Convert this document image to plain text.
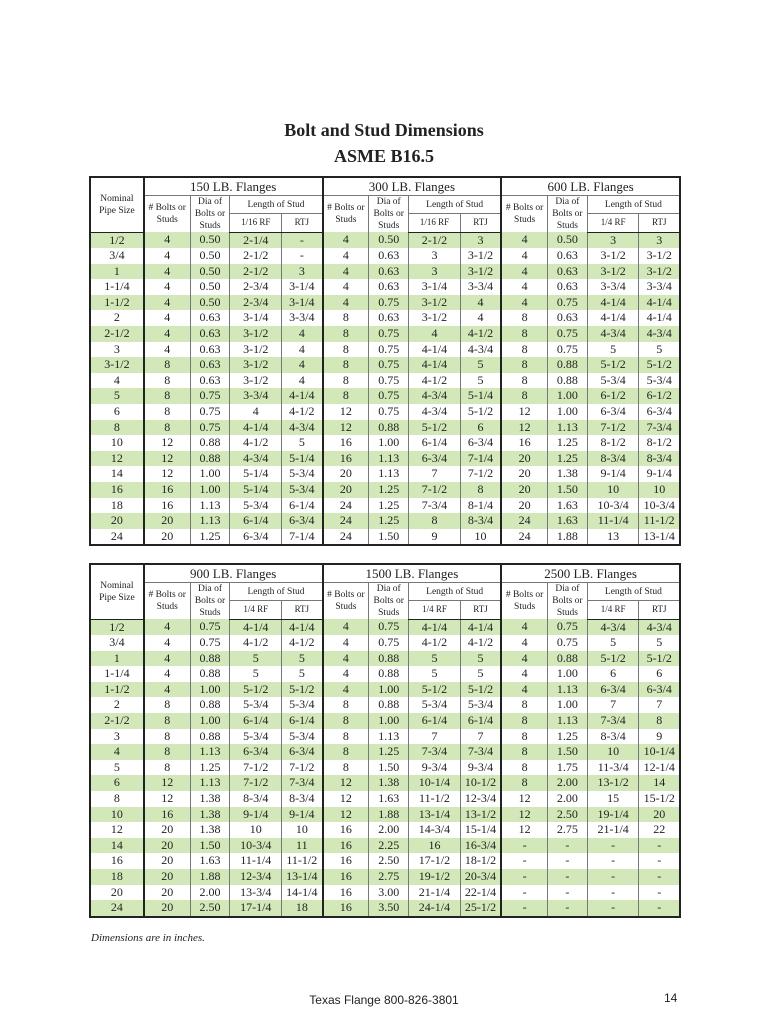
Bolt and Stud Dimensions
ASME B16.5
Nominal Pipe Size	150 LB. Flanges				300 LB. Flanges				600 LB. Flanges			
	# Bolts or Studs	Dia of Bolts or Studs	Length of Stud		# Bolts or Studs	Dia of Bolts or Studs	Length of Stud		# Bolts or Studs	Dia of Bolts or Studs	Length of Stud	
			1/16 RF	RTJ			1/16 RF	RTJ			1/4 RF	RTJ
1/2	4	0.50	2-1/4	-	4	0.50	2-1/2	3	4	0.50	3	3
3/4	4	0.50	2-1/2	-	4	0.63	3	3-1/2	4	0.63	3-1/2	3-1/2
1	4	0.50	2-1/2	3	4	0.63	3	3-1/2	4	0.63	3-1/2	3-1/2
1-1/4	4	0.50	2-3/4	3-1/4	4	0.63	3-1/4	3-3/4	4	0.63	3-3/4	3-3/4
1-1/2	4	0.50	2-3/4	3-1/4	4	0.75	3-1/2	4	4	0.75	4-1/4	4-1/4
2	4	0.63	3-1/4	3-3/4	8	0.63	3-1/2	4	8	0.63	4-1/4	4-1/4
2-1/2	4	0.63	3-1/2	4	8	0.75	4	4-1/2	8	0.75	4-3/4	4-3/4
3	4	0.63	3-1/2	4	8	0.75	4-1/4	4-3/4	8	0.75	5	5
3-1/2	8	0.63	3-1/2	4	8	0.75	4-1/4	5	8	0.88	5-1/2	5-1/2
4	8	0.63	3-1/2	4	8	0.75	4-1/2	5	8	0.88	5-3/4	5-3/4
5	8	0.75	3-3/4	4-1/4	8	0.75	4-3/4	5-1/4	8	1.00	6-1/2	6-1/2
6	8	0.75	4	4-1/2	12	0.75	4-3/4	5-1/2	12	1.00	6-3/4	6-3/4
8	8	0.75	4-1/4	4-3/4	12	0.88	5-1/2	6	12	1.13	7-1/2	7-3/4
10	12	0.88	4-1/2	5	16	1.00	6-1/4	6-3/4	16	1.25	8-1/2	8-1/2
12	12	0.88	4-3/4	5-1/4	16	1.13	6-3/4	7-1/4	20	1.25	8-3/4	8-3/4
14	12	1.00	5-1/4	5-3/4	20	1.13	7	7-1/2	20	1.38	9-1/4	9-1/4
16	16	1.00	5-1/4	5-3/4	20	1.25	7-1/2	8	20	1.50	10	10
18	16	1.13	5-3/4	6-1/4	24	1.25	7-3/4	8-1/4	20	1.63	10-3/4	10-3/4
20	20	1.13	6-1/4	6-3/4	24	1.25	8	8-3/4	24	1.63	11-1/4	11-1/2
24	20	1.25	6-3/4	7-1/4	24	1.50	9	10	24	1.88	13	13-1/4
Nominal Pipe Size	900 LB. Flanges				1500 LB. Flanges				2500 LB. Flanges			
	# Bolts or Studs	Dia of Bolts or Studs	Length of Stud		# Bolts or Studs	Dia of Bolts or Studs	Length of Stud		# Bolts or Studs	Dia of Bolts or Studs	Length of Stud	
			1/4 RF	RTJ			1/4 RF	RTJ			1/4 RF	RTJ
1/2	4	0.75	4-1/4	4-1/4	4	0.75	4-1/4	4-1/4	4	0.75	4-3/4	4-3/4
3/4	4	0.75	4-1/2	4-1/2	4	0.75	4-1/2	4-1/2	4	0.75	5	5
1	4	0.88	5	5	4	0.88	5	5	4	0.88	5-1/2	5-1/2
1-1/4	4	0.88	5	5	4	0.88	5	5	4	1.00	6	6
1-1/2	4	1.00	5-1/2	5-1/2	4	1.00	5-1/2	5-1/2	4	1.13	6-3/4	6-3/4
2	8	0.88	5-3/4	5-3/4	8	0.88	5-3/4	5-3/4	8	1.00	7	7
2-1/2	8	1.00	6-1/4	6-1/4	8	1.00	6-1/4	6-1/4	8	1.13	7-3/4	8
3	8	0.88	5-3/4	5-3/4	8	1.13	7	7	8	1.25	8-3/4	9
4	8	1.13	6-3/4	6-3/4	8	1.25	7-3/4	7-3/4	8	1.50	10	10-1/4
5	8	1.25	7-1/2	7-1/2	8	1.50	9-3/4	9-3/4	8	1.75	11-3/4	12-1/4
6	12	1.13	7-1/2	7-3/4	12	1.38	10-1/4	10-1/2	8	2.00	13-1/2	14
8	12	1.38	8-3/4	8-3/4	12	1.63	11-1/2	12-3/4	12	2.00	15	15-1/2
10	16	1.38	9-1/4	9-1/4	12	1.88	13-1/4	13-1/2	12	2.50	19-1/4	20
12	20	1.38	10	10	16	2.00	14-3/4	15-1/4	12	2.75	21-1/4	22
14	20	1.50	10-3/4	11	16	2.25	16	16-3/4	-	-	-	-
16	20	1.63	11-1/4	11-1/2	16	2.50	17-1/2	18-1/2	-	-	-	-
18	20	1.88	12-3/4	13-1/4	16	2.75	19-1/2	20-3/4	-	-	-	-
20	20	2.00	13-3/4	14-1/4	16	3.00	21-1/4	22-1/4	-	-	-	-
24	20	2.50	17-1/4	18	16	3.50	24-1/4	25-1/2	-	-	-	-
Dimensions are in inches.
Texas Flange 800-826-3801	14
